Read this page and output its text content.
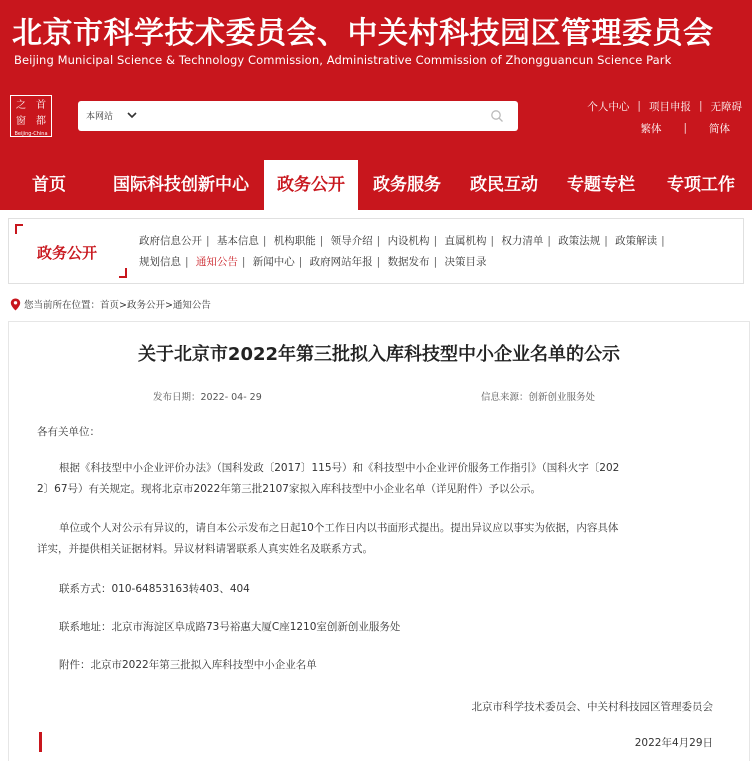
北京市科学技术委员会、中关村科技园区管理委员会
Beijing Municipal Science & Technology Commission, Administrative Commission of Zhongguancun Science Park
之	首
窗	都
Beijing-China
本网站
个人中心 | 项目申报 | 无障碍
繁体	|	简体
首页	国际科技创新中心	政务公开	政务服务	政民互动	专题专栏	专项工作
政务公开
政府信息公开 | 基本信息 | 机构职能 | 领导介绍 | 内设机构 | 直属机构 | 权力清单 | 政策法规 | 政策解读 |
规划信息 | 通知公告 | 新闻中心 | 政府网站年报 | 数据发布 | 决策目录
您当前所在位置：首页>政务公开>通知公告
关于北京市2022年第三批拟入库科技型中小企业名单的公示
发布日期：2022- 04- 29	信息来源：创新创业服务处
各有关单位：
根据《科技型中小企业评价办法》（国科发政〔2017〕115号）和《科技型中小企业评价服务工作指引》（国科火字〔202
2〕67号）有关规定。现将北京市2022年第三批2107家拟入库科技型中小企业名单（详见附件）予以公示。
单位或个人对公示有异议的，请自本公示发布之日起10个工作日内以书面形式提出。提出异议应以事实为依据，内容具体
详实，并提供相关证据材料。异议材料请署联系人真实姓名及联系方式。
联系方式：010-64853163转403、404
联系地址：北京市海淀区阜成路73号裕惠大厦C座1210室创新创业服务处
附件：北京市2022年第三批拟入库科技型中小企业名单
北京市科学技术委员会、中关村科技园区管理委员会
2022年4月29日
